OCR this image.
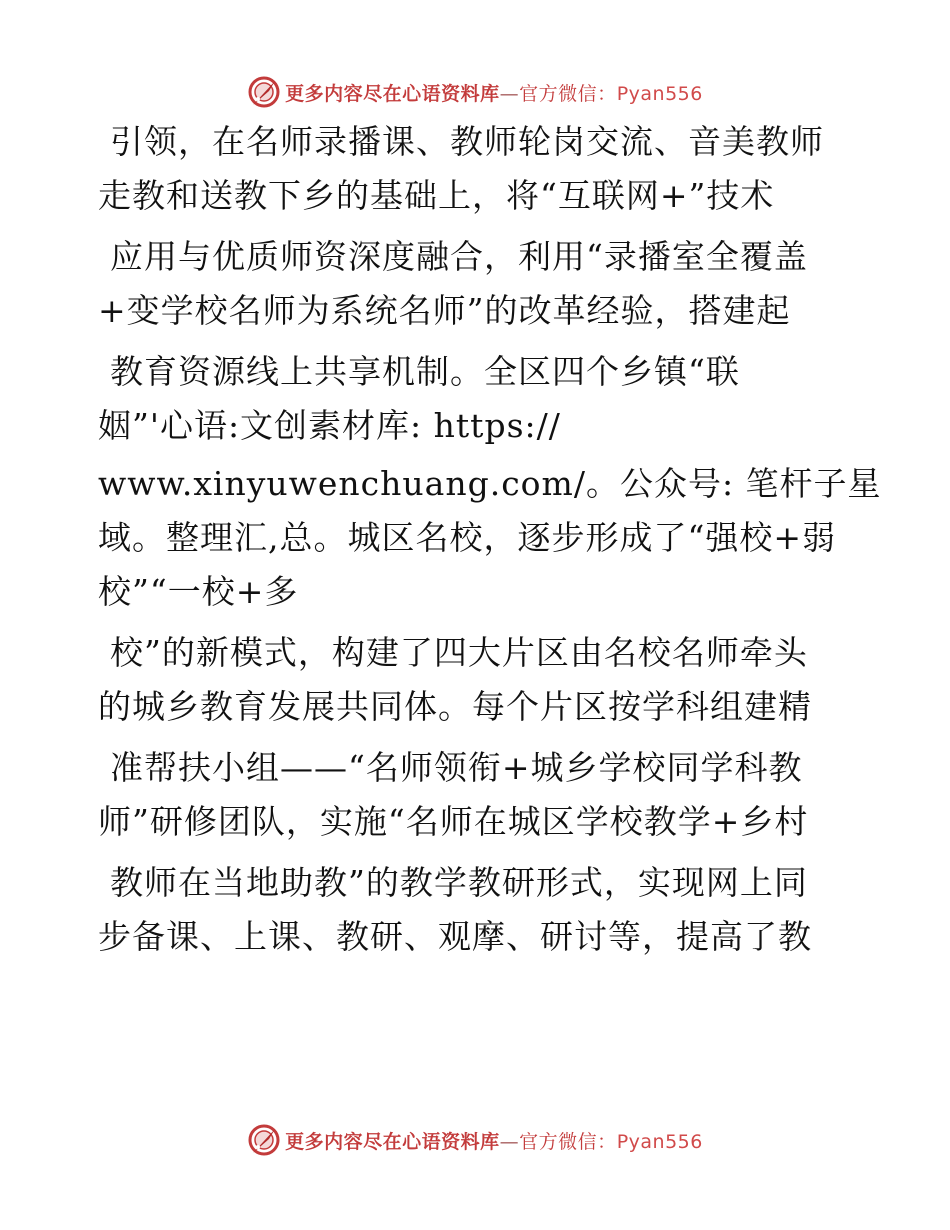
更多内容尽在心语资料库—官方微信：Pyan556
引领，在名师录播课、教师轮岗交流、音美教师
走教和送教下乡的基础上，将“互联网+”技术
应用与优质师资深度融合，利用“录播室全覆盖
+变学校名师为系统名师”的改革经验，搭建起
教育资源线上共享机制。全区四个乡镇“联
姻”'心语:文创素材库: https://
www.xinyuwenchuang.com/。公众号: 笔杆子星
域。整理汇,总。城区名校，逐步形成了“强校+弱
校”“一校+多
校”的新模式，构建了四大片区由名校名师牵头
的城乡教育发展共同体。每个片区按学科组建精
准帮扶小组——“名师领衔+城乡学校同学科教
师”研修团队，实施“名师在城区学校教学+乡村
教师在当地助教”的教学教研形式，实现网上同
步备课、上课、教研、观摩、研讨等，提高了教
更多内容尽在心语资料库—官方微信：Pyan556
